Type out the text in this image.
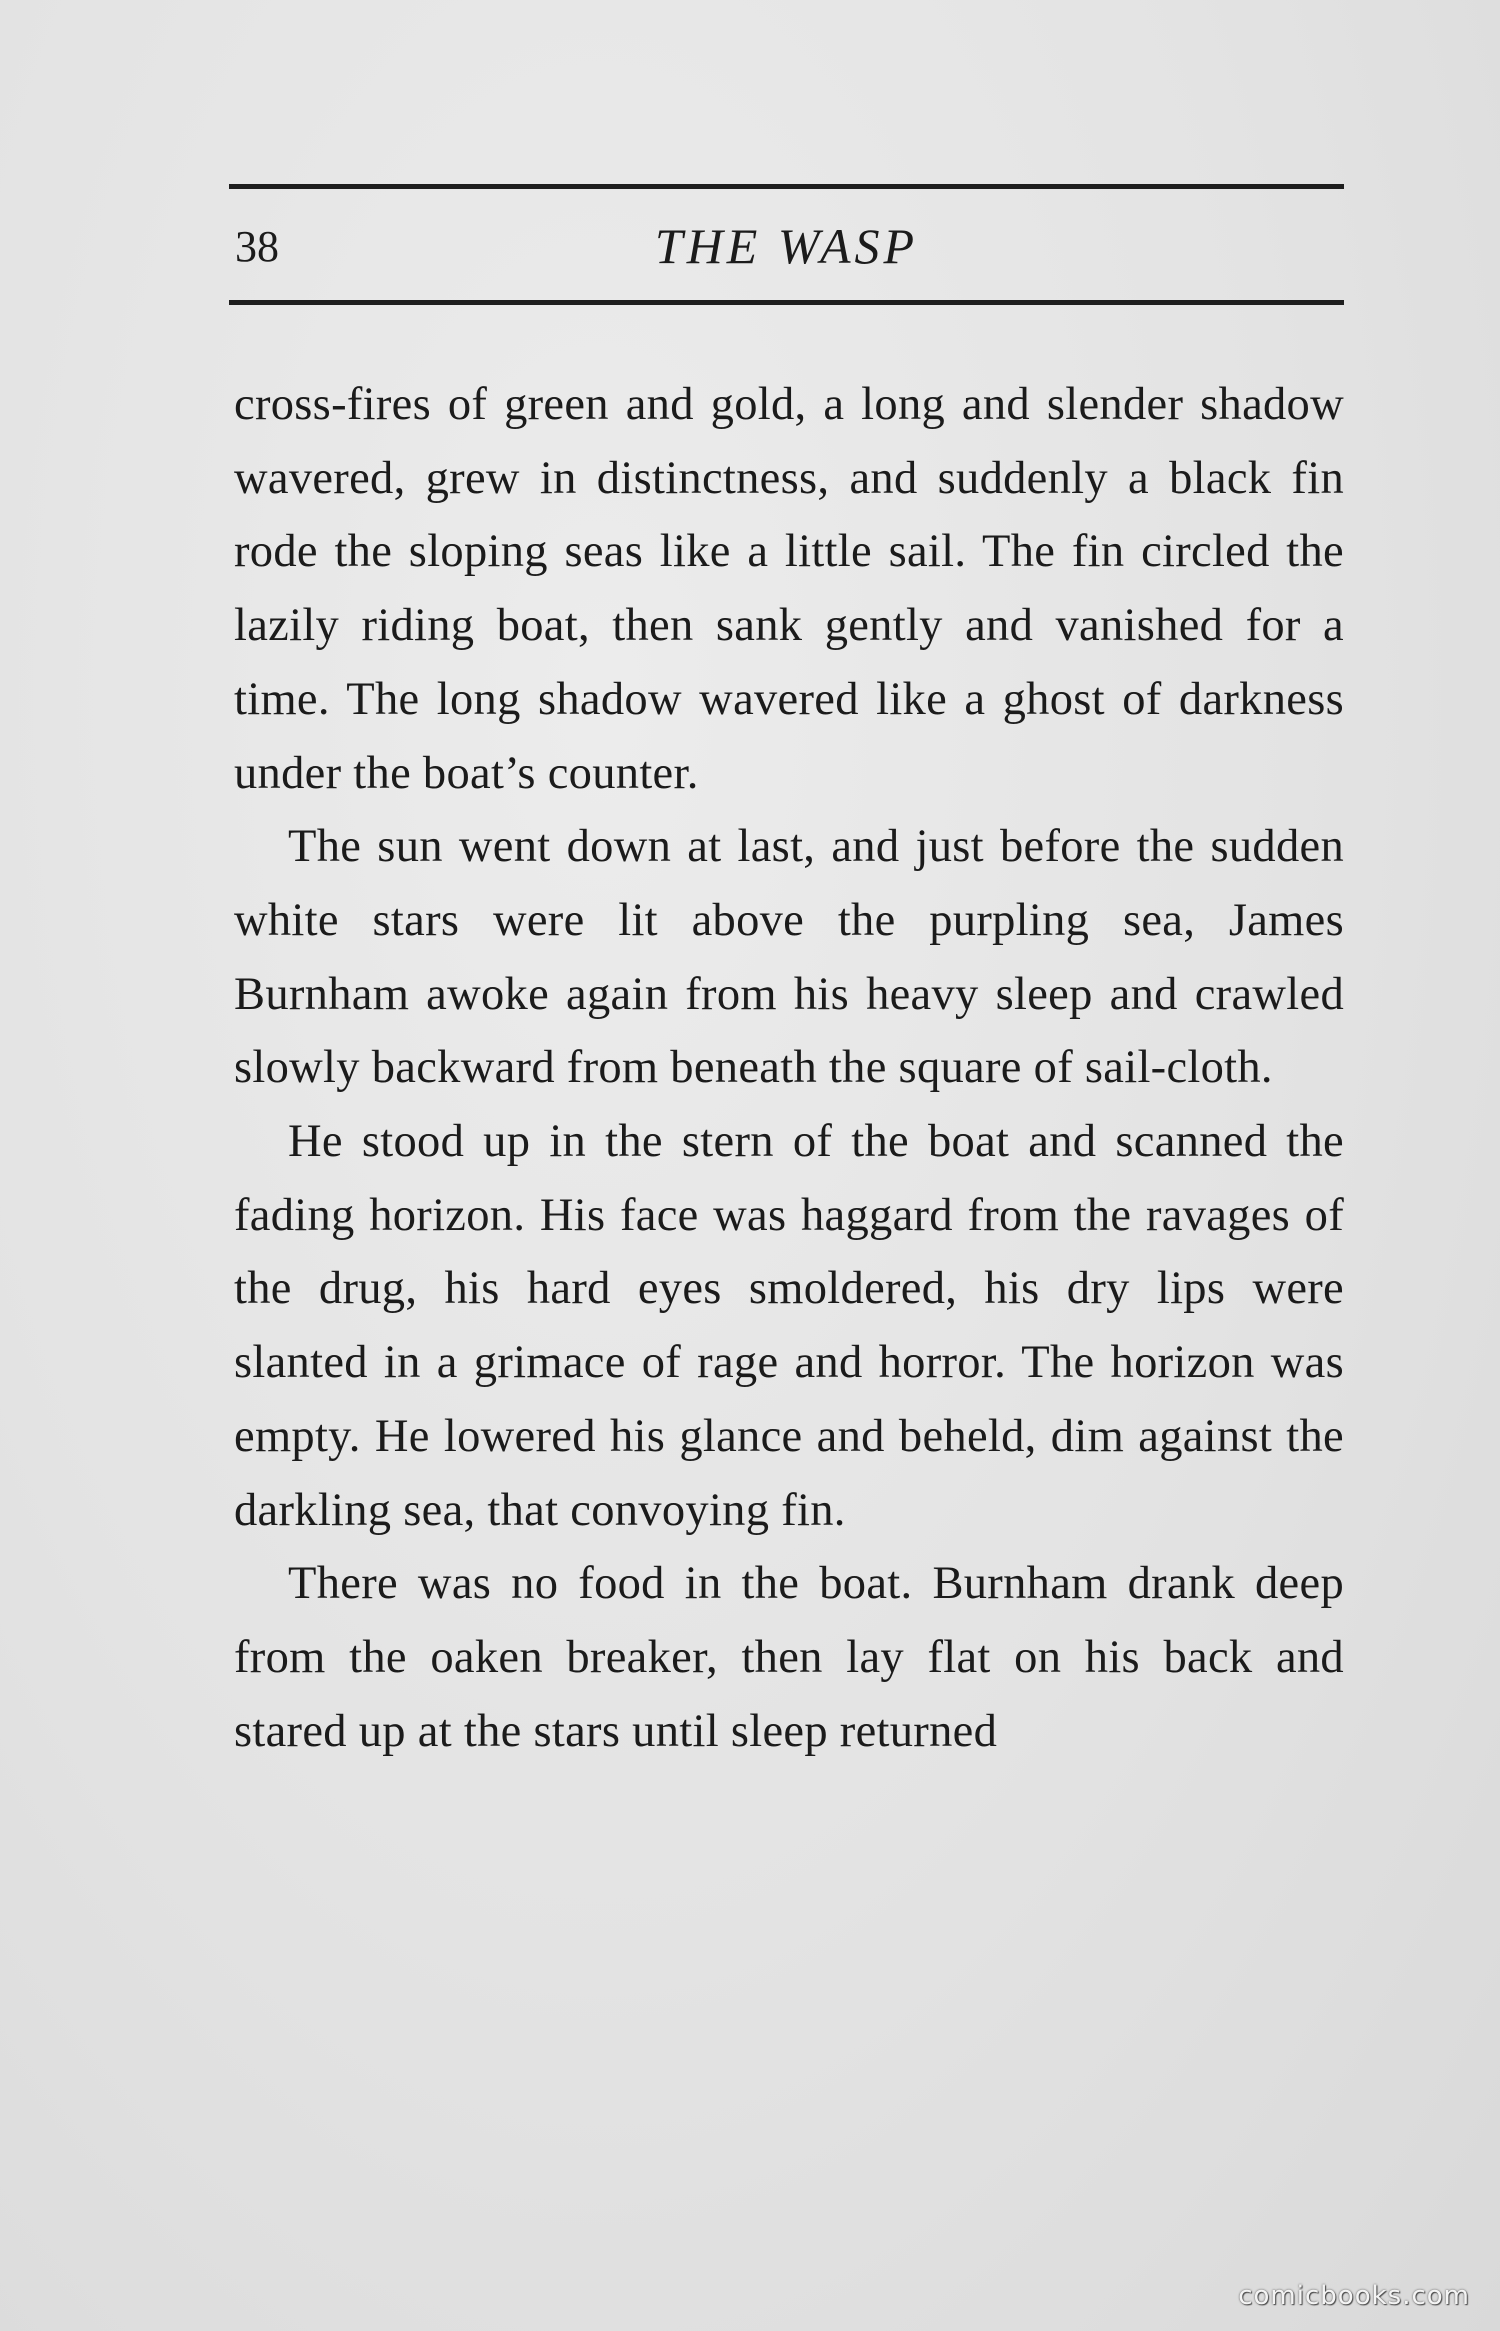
38	THE WASP

cross-fires of green and gold, a long and slender shadow wavered, grew in distinctness, and suddenly a black fin rode the sloping seas like a little sail. The fin circled the lazily riding boat, then sank gently and vanished for a time. The long shadow wavered like a ghost of darkness under the boat’s counter.

The sun went down at last, and just before the sudden white stars were lit above the purpling sea, James Burnham awoke again from his heavy sleep and crawled slowly backward from beneath the square of sail-cloth.

He stood up in the stern of the boat and scanned the fading horizon. His face was haggard from the ravages of the drug, his hard eyes smoldered, his dry lips were slanted in a grimace of rage and horror. The horizon was empty. He lowered his glance and beheld, dim against the darkling sea, that convoying fin.

There was no food in the boat. Burnham drank deep from the oaken breaker, then lay flat on his back and stared up at the stars until sleep returned

comicbooks.com
